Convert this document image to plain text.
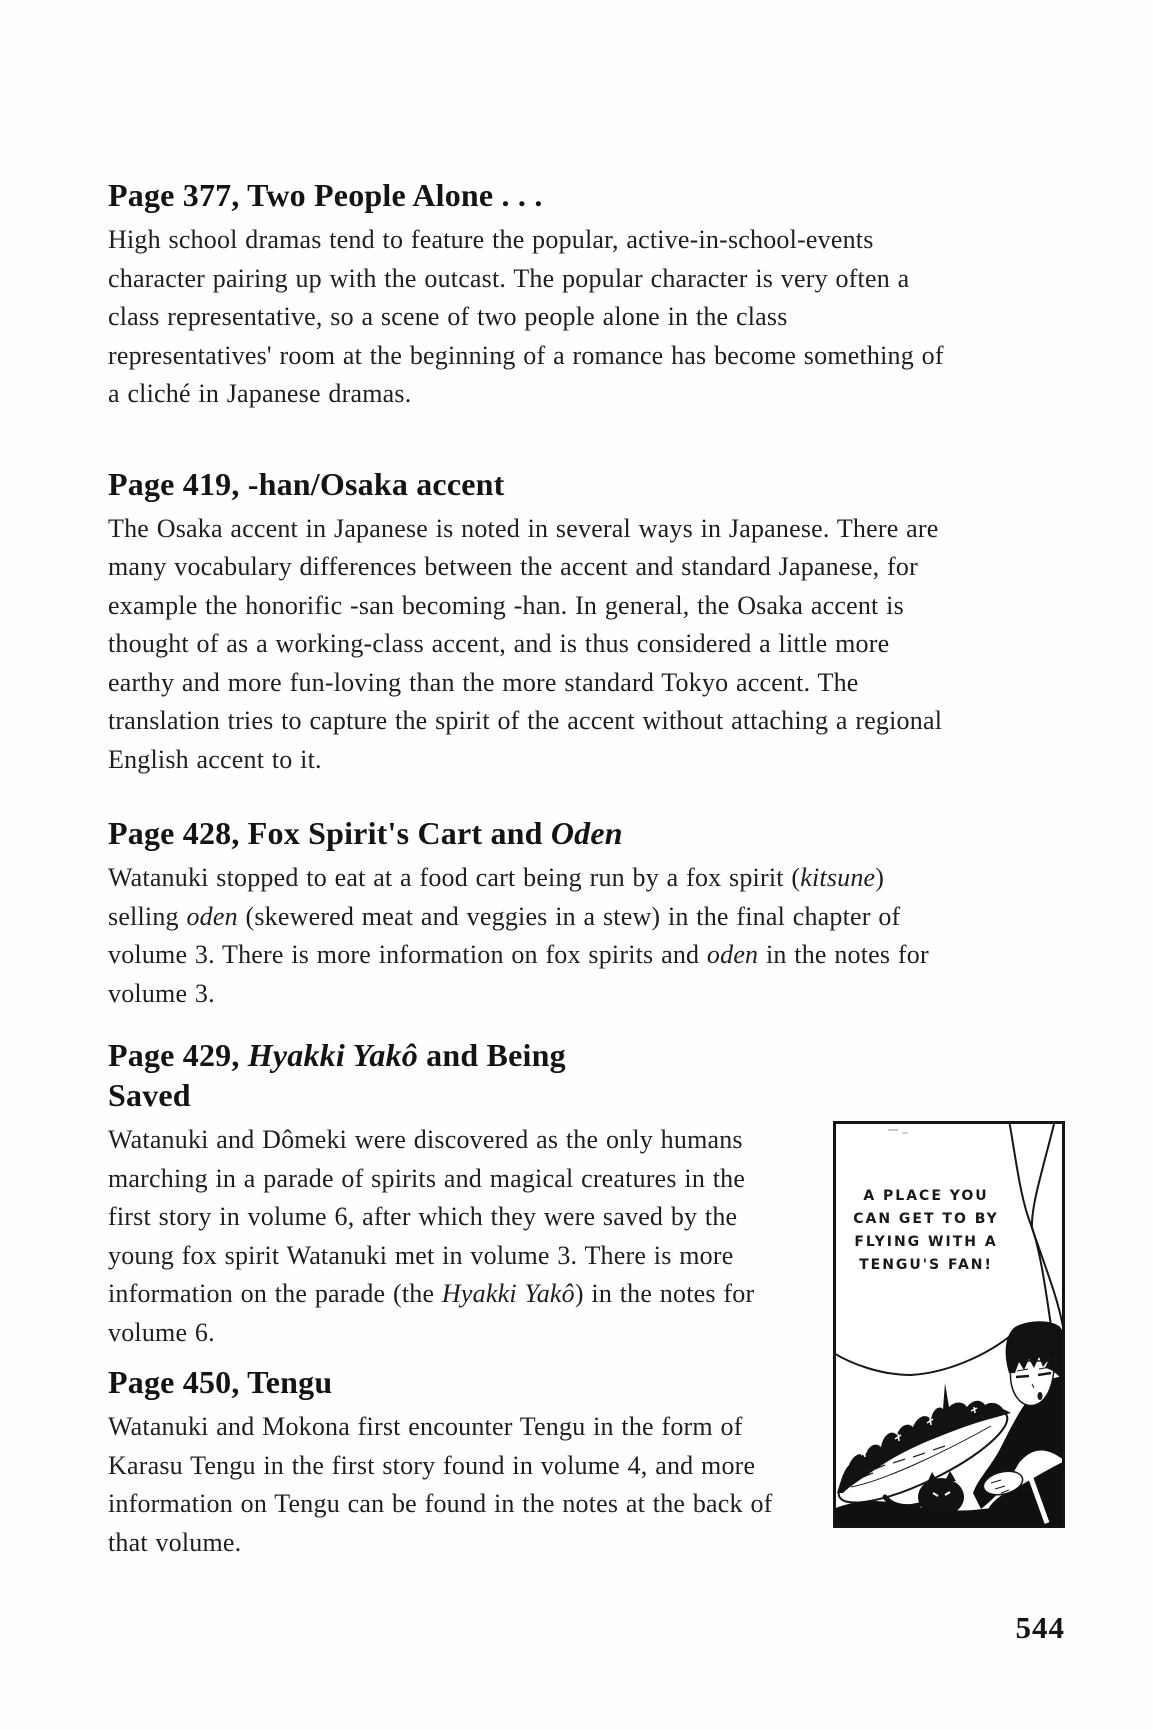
Page 377, Two People Alone . . .

High school dramas tend to feature the popular, active-in-school-events character pairing up with the outcast. The popular character is very often a class representative, so a scene of two people alone in the class representatives' room at the beginning of a romance has become something of a cliché in Japanese dramas.

Page 419, -han/Osaka accent

The Osaka accent in Japanese is noted in several ways in Japanese. There are many vocabulary differences between the accent and standard Japanese, for example the honorific -san becoming -han. In general, the Osaka accent is thought of as a working-class accent, and is thus considered a little more earthy and more fun-loving than the more standard Tokyo accent. The translation tries to capture the spirit of the accent without attaching a regional English accent to it.

Page 428, Fox Spirit's Cart and Oden

Watanuki stopped to eat at a food cart being run by a fox spirit (kitsune) selling oden (skewered meat and veggies in a stew) in the final chapter of volume 3. There is more information on fox spirits and oden in the notes for volume 3.

Page 429, Hyakki Yakô and Being
Saved
A PLACE YOU
CAN GET TO BY
FLYING WITH A
TENGU'S FAN!

Watanuki and Dômeki were discovered as the only humans marching in a parade of spirits and magical creatures in the first story in volume 6, after which they were saved by the young fox spirit Watanuki met in volume 3. There is more information on the parade (the Hyakki Yakô) in the notes for volume 6.

Page 450, Tengu

Watanuki and Mokona first encounter Tengu in the form of Karasu Tengu in the first story found in volume 4, and more information on Tengu can be found in the notes at the back of that volume.

544
